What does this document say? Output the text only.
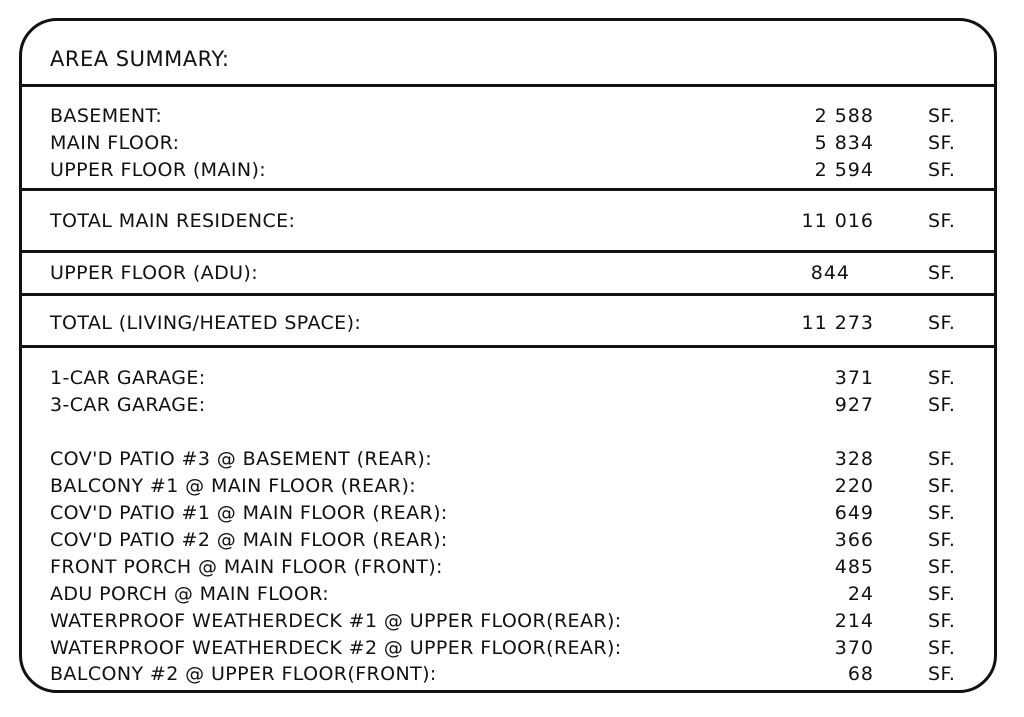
AREA SUMMARY:
BASEMENT:	2 588	SF.
MAIN FLOOR:	5 834	SF.
UPPER FLOOR (MAIN):	2 594	SF.
TOTAL MAIN RESIDENCE:	11 016	SF.
UPPER FLOOR (ADU):	844	SF.
TOTAL (LIVING/HEATED SPACE):	11 273	SF.
1-CAR GARAGE:	371	SF.
3-CAR GARAGE:	927	SF.
COV'D PATIO #3 @ BASEMENT (REAR):	328	SF.
BALCONY #1 @ MAIN FLOOR (REAR):	220	SF.
COV'D PATIO #1 @ MAIN FLOOR (REAR):	649	SF.
COV'D PATIO #2 @ MAIN FLOOR (REAR):	366	SF.
FRONT PORCH @ MAIN FLOOR (FRONT):	485	SF.
ADU PORCH @ MAIN FLOOR:	24	SF.
WATERPROOF WEATHERDECK #1 @ UPPER FLOOR(REAR):	214	SF.
WATERPROOF WEATHERDECK #2 @ UPPER FLOOR(REAR):	370	SF.
BALCONY #2 @ UPPER FLOOR(FRONT):	68	SF.
